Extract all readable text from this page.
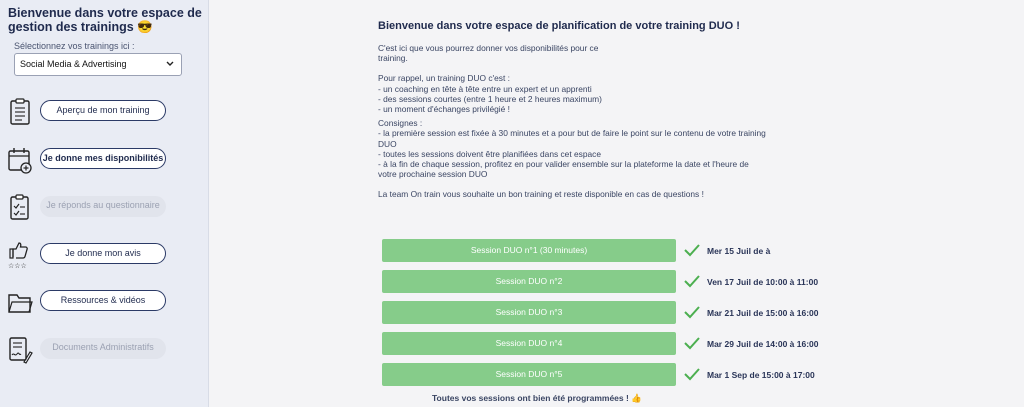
Bienvenue dans votre espace de gestion des trainings 😎
Sélectionnez vos trainings ici :
Social Media & Advertising
Aperçu de mon training
Je donne mes disponibilités
Je réponds au questionnaire
☆☆☆
Je donne mon avis
Ressources & vidéos
Documents Administratifs
Bienvenue dans votre espace de planification de votre training DUO !

C'est ici que vous pourrez donner vos disponibilités pour ce
training.

Pour rappel, un training DUO c'est :
- un coaching en tête à tête entre un expert et un apprenti
- des sessions courtes (entre 1 heure et 2 heures maximum)
- un moment d'échanges privilégié !

Consignes :
- la première session est fixée à 30 minutes et a pour but de faire le point sur le contenu de votre training
DUO
- toutes les sessions doivent être planifiées dans cet espace
- à la fin de chaque session, profitez en pour valider ensemble sur la plateforme la date et l'heure de
votre prochaine session DUO

La team On train vous souhaite un bon training et reste disponible en cas de questions !

Session DUO n°1 (30 minutes)	Mer 15 Juil de à
Session DUO n°2	Ven 17 Juil de 10:00 à 11:00
Session DUO n°3	Mar 21 Juil de 15:00 à 16:00
Session DUO n°4	Mar 29 Juil de 14:00 à 16:00
Session DUO n°5	Mar 1 Sep de 15:00 à 17:00
Toutes vos sessions ont bien été programmées ! 👍
